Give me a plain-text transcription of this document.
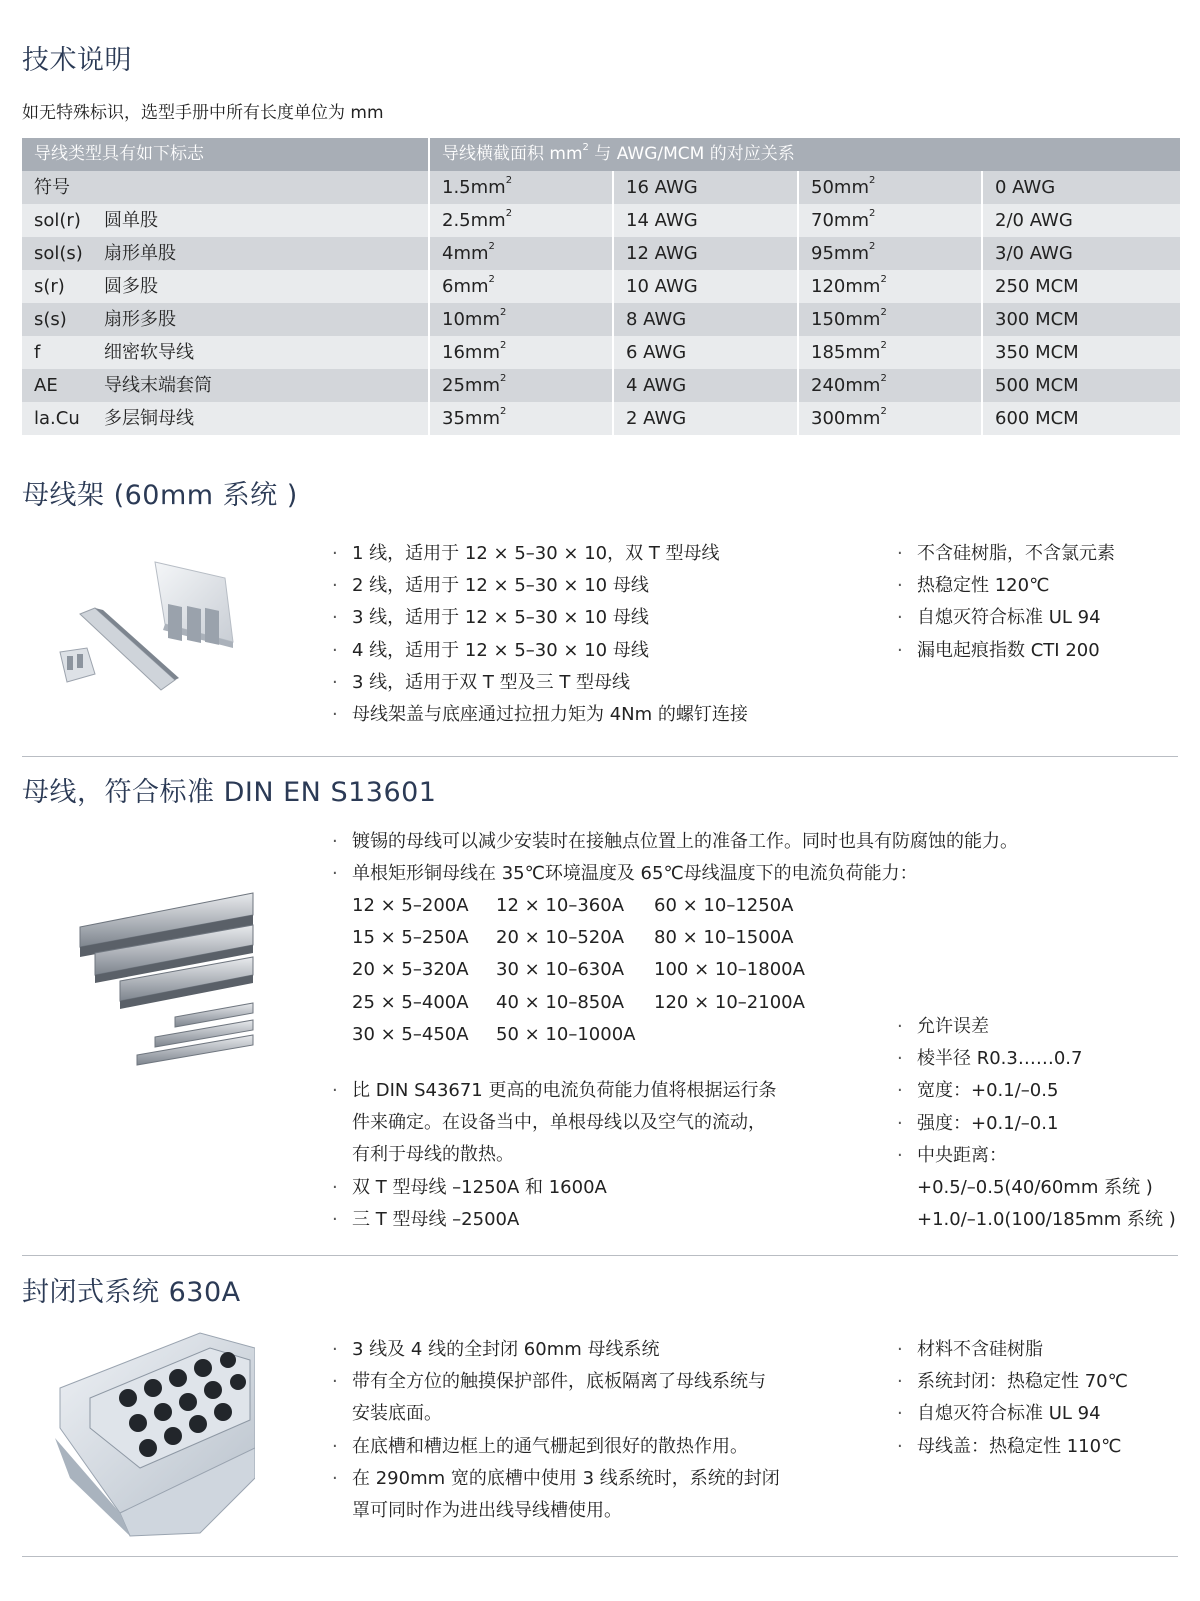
技术说明
如无特殊标识，选型手册中所有长度单位为 mm
导线类型具有如下标志	导线横截面积 $mm^2$ 与 AWG/MCM 的对应关系
符号	$1.5mm^2$	16 AWG	$50mm^2$	0 AWG
sol(r)	圆单股	$2.5mm^2$	14 AWG	$70mm^2$	2/0 AWG
sol(s)	扇形单股	$4mm^2$	12 AWG	$95mm^2$	3/0 AWG
s(r)	圆多股	$6mm^2$	10 AWG	$120mm^2$	250 MCM
s(s)	扇形多股	$10mm^2$	8 AWG	$150mm^2$	300 MCM
f	细密软导线	$16mm^2$	6 AWG	$185mm^2$	350 MCM
AE	导线末端套筒	$25mm^2$	4 AWG	$240mm^2$	500 MCM
la.Cu	多层铜母线	$35mm^2$	2 AWG	$300mm^2$	600 MCM
母线架 (60mm 系统 )
· 1 线，适用于 12 × 5–30 × 10，双 T 型母线
· 2 线，适用于 12 × 5–30 × 10 母线
· 3 线，适用于 12 × 5–30 × 10 母线
· 4 线，适用于 12 × 5–30 × 10 母线
· 3 线，适用于双 T 型及三 T 型母线
· 母线架盖与底座通过拉扭力矩为 4Nm 的螺钉连接
· 不含硅树脂，不含氯元素
· 热稳定性 120℃
· 自熄灭符合标准 UL 94
· 漏电起痕指数 CTI 200
母线，符合标准 DIN EN S13601
· 镀锡的母线可以减少安装时在接触点位置上的准备工作。同时也具有防腐蚀的能力。
· 单根矩形铜母线在 35℃环境温度及 65℃母线温度下的电流负荷能力：
12 × 5–200A	12 × 10–360A	60 × 10–1250A
15 × 5–250A	20 × 10–520A	80 × 10–1500A
20 × 5–320A	30 × 10–630A	100 × 10–1800A
25 × 5–400A	40 × 10–850A	120 × 10–2100A
30 × 5–450A	50 × 10–1000A
· 比 DIN S43671 更高的电流负荷能力值将根据运行条
件来确定。在设备当中，单根母线以及空气的流动，
有利于母线的散热。
· 双 T 型母线 –1250A 和 1600A
· 三 T 型母线 –2500A
· 允许误差
· 棱半径 R0.3……0.7
· 宽度：+0.1/–0.5
· 强度：+0.1/–0.1
· 中央距离：
+0.5/–0.5(40/60mm 系统 )
+1.0/–1.0(100/185mm 系统 )
封闭式系统 630A
· 3 线及 4 线的全封闭 60mm 母线系统
· 带有全方位的触摸保护部件，底板隔离了母线系统与
安装底面。
· 在底槽和槽边框上的通气栅起到很好的散热作用。
· 在 290mm 宽的底槽中使用 3 线系统时，系统的封闭
罩可同时作为进出线导线槽使用。
· 材料不含硅树脂
· 系统封闭：热稳定性 70℃
· 自熄灭符合标准 UL 94
· 母线盖：热稳定性 110℃
